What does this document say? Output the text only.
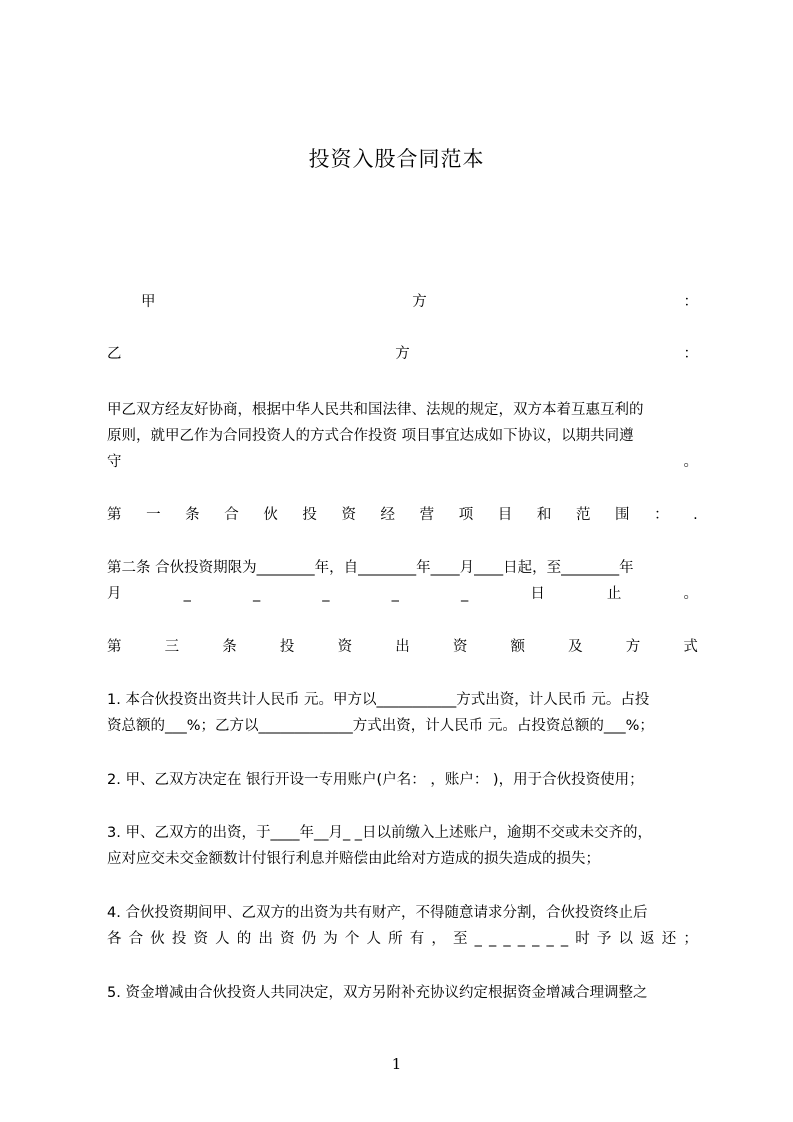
投资入股合同范本
甲	方	：
乙	方	：
甲乙双方经友好协商，根据中华人民共和国法律、法规的规定，双方本着互惠互利的
原则，就甲乙作为合同投资人的方式合作投资 项目事宜达成如下协议，以期共同遵
守	。
第 一 条 合 伙 投 资 经 营 项 目 和 范 围 ： .
第二条 合伙投资期限为________年，自________年____月____日起，至________年
月	_	_	_	_	_	日	止	。
第	三	条	投	资	出	资	额	及	方	式
1. 本合伙投资出资共计人民币 元。甲方以___________方式出资，计人民币 元。占投
资总额的___%；乙方以_____________方式出资，计人民币 元。占投资总额的___%；
2. 甲、乙双方决定在 银行开设一专用账户(户名： ，账户： )，用于合伙投资使用；
3. 甲、乙双方的出资，于____年__月_ _日以前缴入上述账户，逾期不交或未交齐的，
应对应交未交金额数计付银行利息并赔偿由此给对方造成的损失造成的损失；
4. 合伙投资期间甲、乙双方的出资为共有财产，不得随意请求分割，合伙投资终止后
各 合 伙 投 资 人 的 出 资 仍 为 个 人 所 有 ， 至 _ _ _ _ _ _ _ 时 予 以 返 还 ；
5. 资金增减由合伙投资人共同决定，双方另附补充协议约定根据资金增减合理调整之
1
